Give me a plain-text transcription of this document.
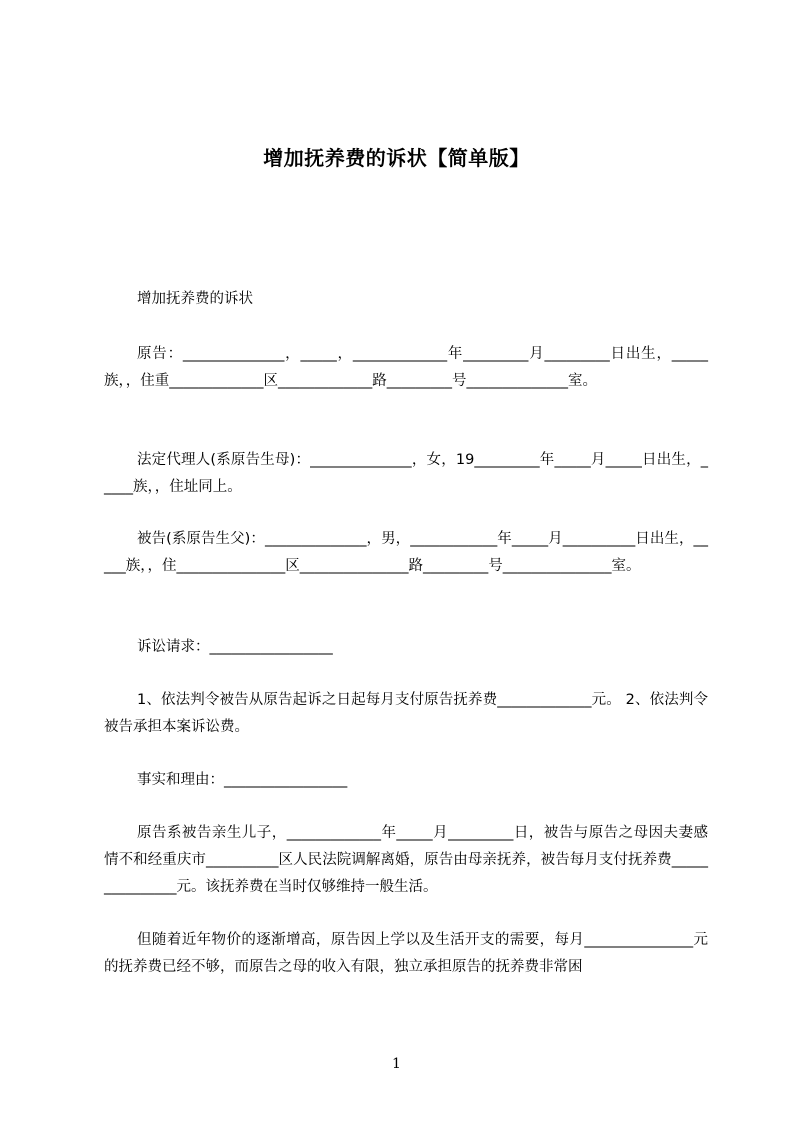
增加抚养费的诉状【简单版】

增加抚养费的诉状

原告：______________，_____，_____________年_________月_________日出生，_____族，，住重_____________区_____________路_________号______________室。

法定代理人(系原告生母)：______________，女，19_________年_____月_____日出生，_____族，，住址同上。

被告(系原告生父)：______________，男，____________年_____月__________日出生，_____族，，住_______________区_______________路_________号_______________室。

诉讼请求：_________________

1、依法判令被告从原告起诉之日起每月支付原告抚养费_____________元。 2、依法判令被告承担本案诉讼费。

事实和理由：_________________

原告系被告亲生儿子，_____________年_____月_________日，被告与原告之母因夫妻感情不和经重庆市__________区人民法院调解离婚，原告由母亲抚养，被告每月支付抚养费_______________元。该抚养费在当时仅够维持一般生活。

但随着近年物价的逐渐增高，原告因上学以及生活开支的需要，每月_______________元的抚养费已经不够，而原告之母的收入有限，独立承担原告的抚养费非常困

1
